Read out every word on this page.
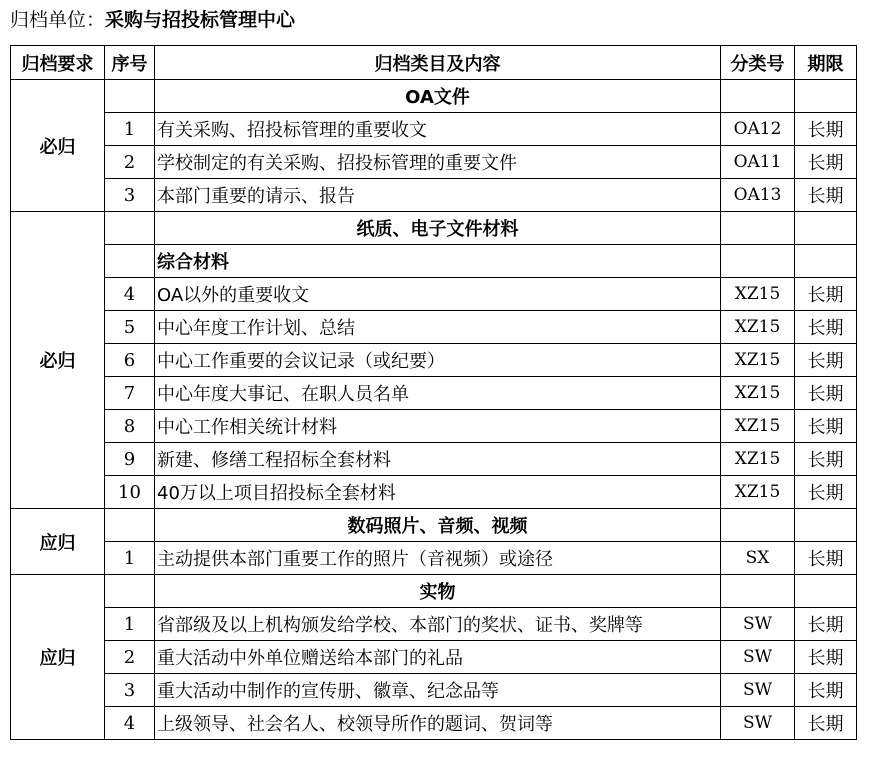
归档单位：采购与招投标管理中心
归档要求	序号	归档类目及内容	分类号	期限
必归		OA文件		
	1	有关采购、招投标管理的重要收文	OA12	长期
	2	学校制定的有关采购、招投标管理的重要文件	OA11	长期
	3	本部门重要的请示、报告	OA13	长期
必归		纸质、电子文件材料		
		综合材料		
	4	OA以外的重要收文	XZ15	长期
	5	中心年度工作计划、总结	XZ15	长期
	6	中心工作重要的会议记录（或纪要）	XZ15	长期
	7	中心年度大事记、在职人员名单	XZ15	长期
	8	中心工作相关统计材料	XZ15	长期
	9	新建、修缮工程招标全套材料	XZ15	长期
	10	40万以上项目招投标全套材料	XZ15	长期
应归		数码照片、音频、视频		
	1	主动提供本部门重要工作的照片（音视频）或途径	SX	长期
应归		实物		
	1	省部级及以上机构颁发给学校、本部门的奖状、证书、奖牌等	SW	长期
	2	重大活动中外单位赠送给本部门的礼品	SW	长期
	3	重大活动中制作的宣传册、徽章、纪念品等	SW	长期
	4	上级领导、社会名人、校领导所作的题词、贺词等	SW	长期
